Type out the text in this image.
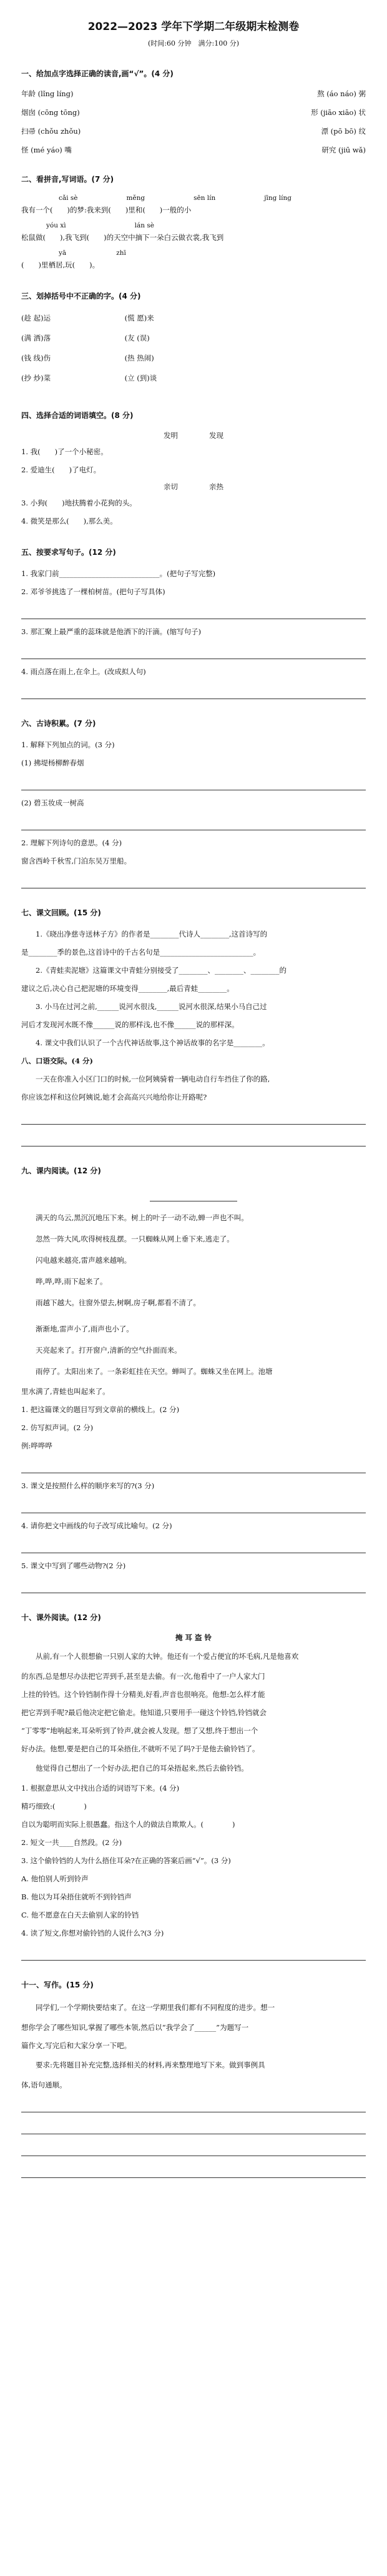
2022—2023 学年下学期二年级期末检测卷
(时间:60 分钟　满分:100 分)
一、给加点字选择正确的读音,画“√”。(4 分)
年龄 (lǐng líng)	熬 (áo náo) 粥
烟囱 (cōng tōng)	形 (jiāo xiāo) 状
扫帚 (chǒu zhǒu)	漂 (pō bō) 纹
怪 (mé yáo) 嘴	研究 (jiū wǎ)
二、看拼音,写词语。(7 分)
cǎi sè	měng	sēn lín	jīng líng
我有一个(　　)的梦:我来到(　　)里和(　　)一般的小
yóu xì	lán sè
松鼠做(　　),我飞到(　　)的天空中摘下一朵白云做衣裳,我飞到
yā	zhī
(　　)里栖居,玩(　　)。
三、划掉括号中不正确的字。(4 分)
(趁 起)运	(慌 愿)来
(满 洒)落	(友 (误)
(钱 线)伤	(热 热闹)
(抄 炒)菜	(立 (到)谈
四、选择合适的词语填空。(8 分)
发明	发现
1. 我(　　)了一个小秘密。
2. 爱迪生(　　)了电灯。
亲切	亲热
3. 小狗(　　)地扶腾着小花狗的头。
4. 微笑是那么(　　),那么美。
五、按要求写句子。(12 分)
1. 我家门前____________________________。(把句子写完整)
2. 邓爷爷挑选了一棵柏树苗。(把句子写具体)
3. 那汇聚上最严重的蕊珠就是他洒下的汗滴。(缩写句子)
4. 雨点落在雨上,在伞上。(改成拟人句)
六、古诗积累。(7 分)
1. 解释下列加点的词。(3 分)
(1) 拂堤杨柳醉春烟
(2) 碧玉妆成一树高
2. 理解下列诗句的意思。(4 分)
窗含西岭千秋雪,门泊东吴万里船。
七、课文回顾。(15 分)
1.《晓出净慈寺送林子方》的作者是________代诗人________,这首诗写的
是________季的景色,这首诗中的千古名句是__________________________。
2.《青蛙卖泥塘》这篇课文中青蛙分别接受了________、________、________的
建议之后,决心自己把泥塘的环境变得________,最后青蛙________。
3. 小马在过河之前,______说河水很浅,______说河水很深,结果小马自己过
河后才发现河水既不像______说的那样浅,也不像______说的那样深。
4. 课文中我们认识了一个古代神话故事,这个神话故事的名字是________。
八、口语交际。(4 分)
一天在你准入小区门口的时候,一位阿姨骑着一辆电动自行车挡住了你的路,
你应该怎样和这位阿姨说,她才会高高兴兴地给你让开路呢?
九、课内阅读。(12 分)
满天的乌云,黑沉沉地压下来。树上的叶子一动不动,蝉一声也不叫。
忽然一阵大风,吹得树枝乱摆。一只蜘蛛从网上垂下来,逃走了。
闪电越来越亮,雷声越来越响。
哗,哗,哗,雨下起来了。
雨越下越大。往窗外望去,树啊,房子啊,都看不清了。
渐渐地,雷声小了,雨声也小了。
天亮起来了。打开窗户,清新的空气扑面而来。
雨停了。太阳出来了。一条彩虹挂在天空。蝉叫了。蜘蛛又坐在网上。池塘
里水满了,青蛙也叫起来了。
1. 把这篇课文的题目写到文章前的横线上。(2 分)
2. 仿写拟声词。(2 分)
例:哗哗哗
3. 课文是按照什么样的顺序来写的?(3 分)
4. 请你把文中画线的句子改写成比喻句。(2 分)
5. 课文中写到了哪些动物?(2 分)
十、课外阅读。(12 分)
掩 耳 盗 铃
从前,有一个人很想偷一只别人家的大钟。他还有一个爱占便宜的坏毛病,凡是他喜欢
的东西,总是想尽办法把它弄到手,甚至是去偷。有一次,他看中了一户人家大门
上挂的铃铛。这个铃铛制作得十分精美,好看,声音也很响亮。他想:怎么样才能
把它弄到手呢?最后他决定把它偷走。他知道,只要用手一碰这个铃铛,铃铛就会
“丁零零”地响起来,耳朵听到了铃声,就会被人发现。想了又想,终于想出一个
好办法。他想,要是把自己的耳朵捂住,不就听不见了吗?于是他去偷铃铛了。
他觉得自己想出了一个好办法,把自己的耳朵捂起来,然后去偷铃铛。
1. 根据意思从文中找出合适的词语写下来。(4 分)
精巧细致:(　　　　)
自以为聪明而实际上很愚蠢。指这个人的做法自欺欺人。(　　　　)
2. 短文一共____自然段。(2 分)
3. 这个偷铃铛的人为什么捂住耳朵?在正确的答案后画“√”。(3 分)
A. 他怕别人听到铃声
B. 他以为耳朵捂住就听不到铃铛声
C. 他不愿意在白天去偷别人家的铃铛
4. 读了短文,你想对偷铃铛的人说什么?(3 分)
十一、写作。(15 分)
同学们,一个学期快要结束了。在这一学期里我们都有不同程度的进步。想一
想你学会了哪些知识,掌握了哪些本领,然后以“我学会了______”为题写一
篇作文,写完后和大家分享一下吧。
要求:先将题目补充完整,选择相关的材料,再来整理地写下来。做到事例具
体,语句通顺。
